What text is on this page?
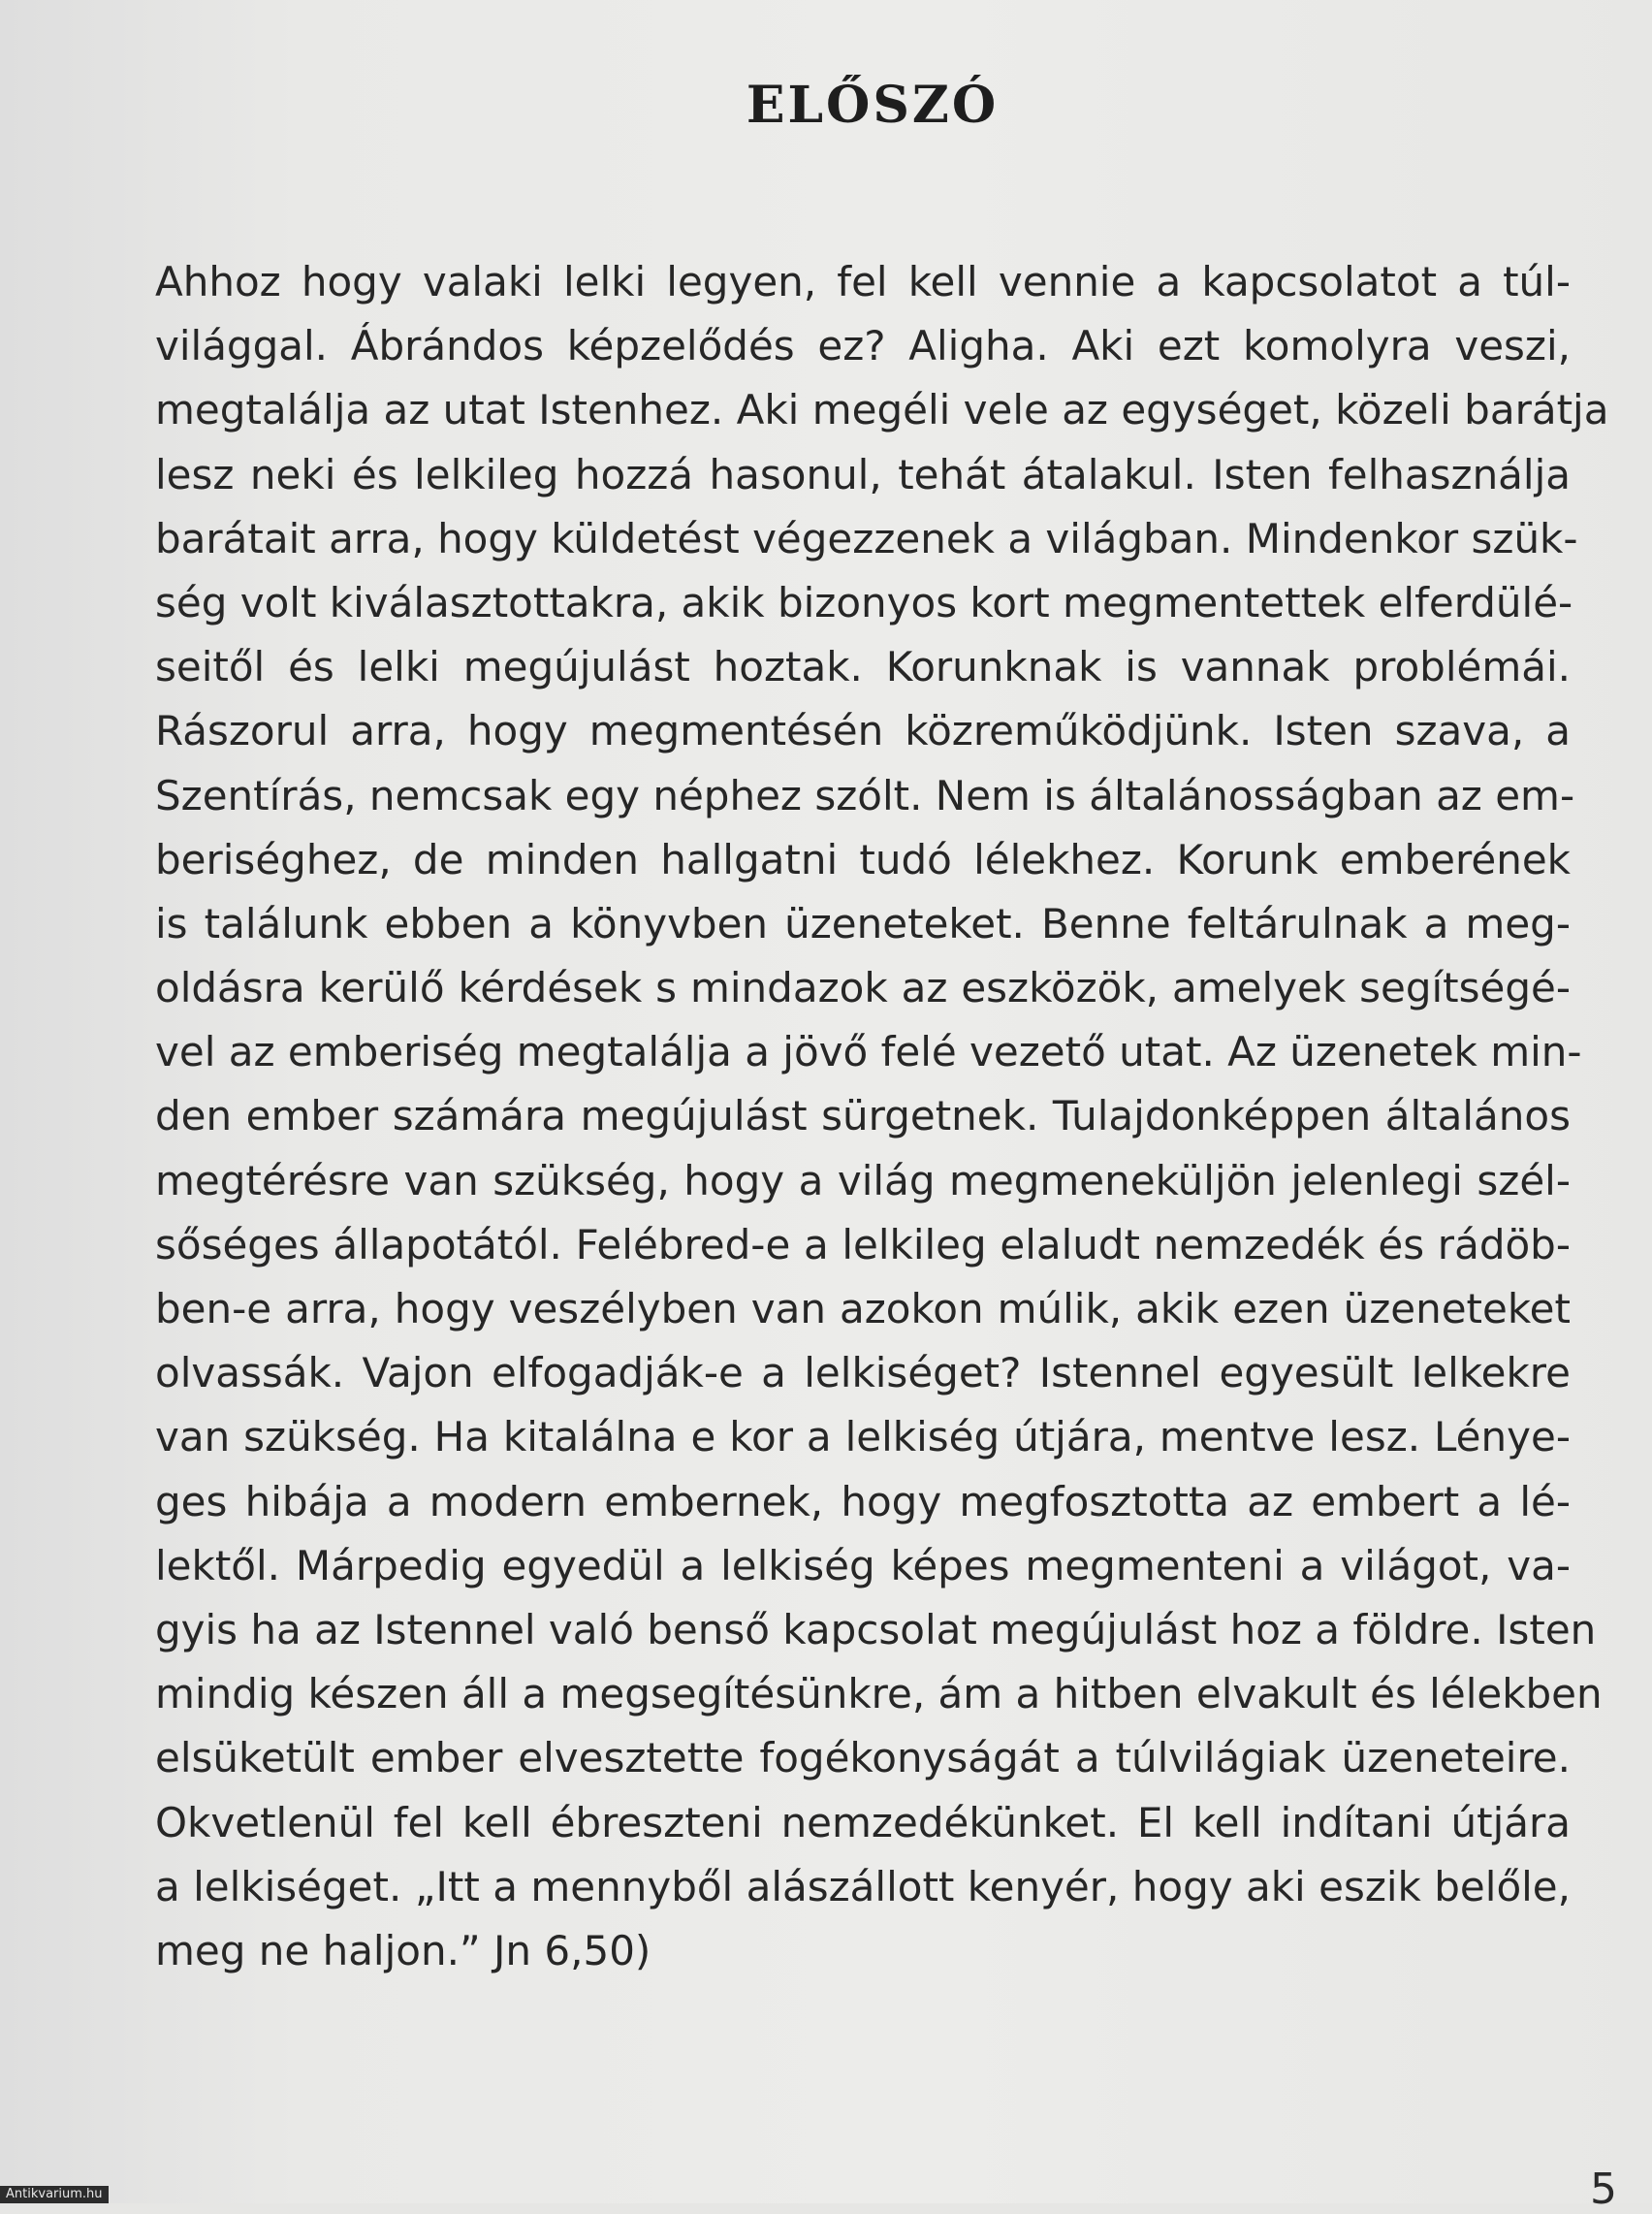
ELŐSZÓ
Ahhoz hogy valaki lelki legyen, fel kell vennie a kapcsolatot a túl-
világgal. Ábrándos képzelődés ez? Aligha. Aki ezt komolyra veszi,
megtalálja az utat Istenhez. Aki megéli vele az egységet, közeli barátja
lesz neki és lelkileg hozzá hasonul, tehát átalakul. Isten felhasználja
barátait arra, hogy küldetést végezzenek a világban. Mindenkor szük-
ség volt kiválasztottakra, akik bizonyos kort megmentettek elferdülé-
seitől és lelki megújulást hoztak. Korunknak is vannak problémái.
Rászorul arra, hogy megmentésén közreműködjünk. Isten szava, a
Szentírás, nemcsak egy néphez szólt. Nem is általánosságban az em-
beriséghez, de minden hallgatni tudó lélekhez. Korunk emberének
is találunk ebben a könyvben üzeneteket. Benne feltárulnak a meg-
oldásra kerülő kérdések s mindazok az eszközök, amelyek segítségé-
vel az emberiség megtalálja a jövő felé vezető utat. Az üzenetek min-
den ember számára megújulást sürgetnek. Tulajdonképpen általános
megtérésre van szükség, hogy a világ megmeneküljön jelenlegi szél-
sőséges állapotától. Felébred-e a lelkileg elaludt nemzedék és rádöb-
ben-e arra, hogy veszélyben van azokon múlik, akik ezen üzeneteket
olvassák. Vajon elfogadják-e a lelkiséget? Istennel egyesült lelkekre
van szükség. Ha kitalálna e kor a lelkiség útjára, mentve lesz. Lénye-
ges hibája a modern embernek, hogy megfosztotta az embert a lé-
lektől. Márpedig egyedül a lelkiség képes megmenteni a világot, va-
gyis ha az Istennel való benső kapcsolat megújulást hoz a földre. Isten
mindig készen áll a megsegítésünkre, ám a hitben elvakult és lélekben
elsüketült ember elvesztette fogékonyságát a túlvilágiak üzeneteire.
Okvetlenül fel kell ébreszteni nemzedékünket. El kell indítani útjára
a lelkiséget. „Itt a mennyből alászállott kenyér, hogy aki eszik belőle,
meg ne haljon.” Jn 6,50)
5
Antikvarium.hu
